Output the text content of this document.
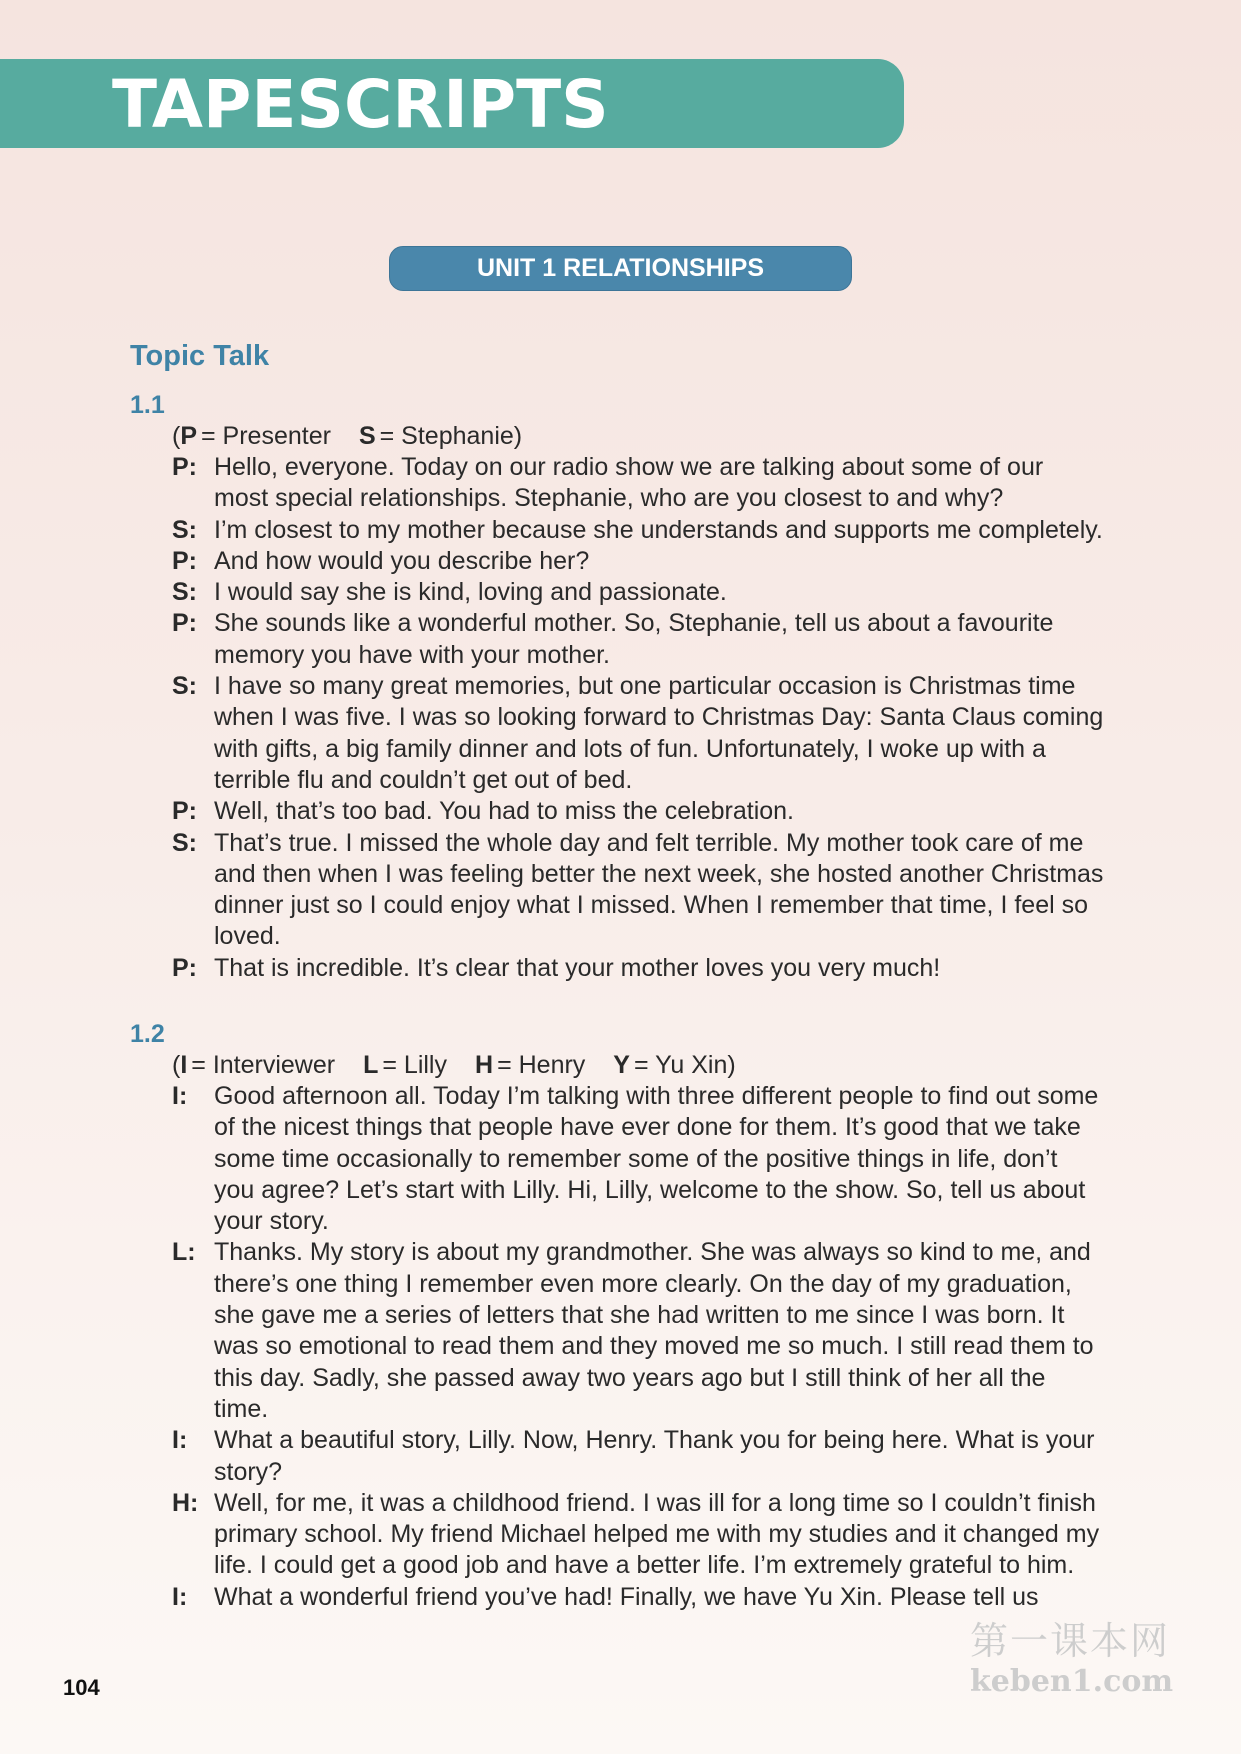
TAPESCRIPTS
UNIT 1 RELATIONSHIPS
Topic Talk
1.1
(P = Presenter S = Stephanie)
P: Hello, everyone. Today on our radio show we are talking about some of our most special relationships. Stephanie, who are you closest to and why?
S: I’m closest to my mother because she understands and supports me completely.
P: And how would you describe her?
S: I would say she is kind, loving and passionate.
P: She sounds like a wonderful mother. So, Stephanie, tell us about a favourite memory you have with your mother.
S: I have so many great memories, but one particular occasion is Christmas time when I was five. I was so looking forward to Christmas Day: Santa Claus coming with gifts, a big family dinner and lots of fun. Unfortunately, I woke up with a terrible flu and couldn’t get out of bed.
P: Well, that’s too bad. You had to miss the celebration.
S: That’s true. I missed the whole day and felt terrible. My mother took care of me and then when I was feeling better the next week, she hosted another Christmas dinner just so I could enjoy what I missed. When I remember that time, I feel so loved.
P: That is incredible. It’s clear that your mother loves you very much!
1.2
(I = Interviewer L = Lilly H = Henry Y = Yu Xin)
I:	Good afternoon all. Today I’m talking with three different people to find out some of the nicest things that people have ever done for them. It’s good that we take some time occasionally to remember some of the positive things in life, don’t you agree? Let’s start with Lilly. Hi, Lilly, welcome to the show. So, tell us about your story.
L: Thanks. My story is about my grandmother. She was always so kind to me, and there’s one thing I remember even more clearly. On the day of my graduation, she gave me a series of letters that she had written to me since I was born. It was so emotional to read them and they moved me so much. I still read them to this day. Sadly, she passed away two years ago but I still think of her all the time.
I:	What a beautiful story, Lilly. Now, Henry. Thank you for being here. What is your story?
H: Well, for me, it was a childhood friend. I was ill for a long time so I couldn’t finish primary school. My friend Michael helped me with my studies and it changed my life. I could get a good job and have a better life. I’m extremely grateful to him.
I:	What a wonderful friend you’ve had! Finally, we have Yu Xin. Please tell us
104
第一课本网
keben1.com
